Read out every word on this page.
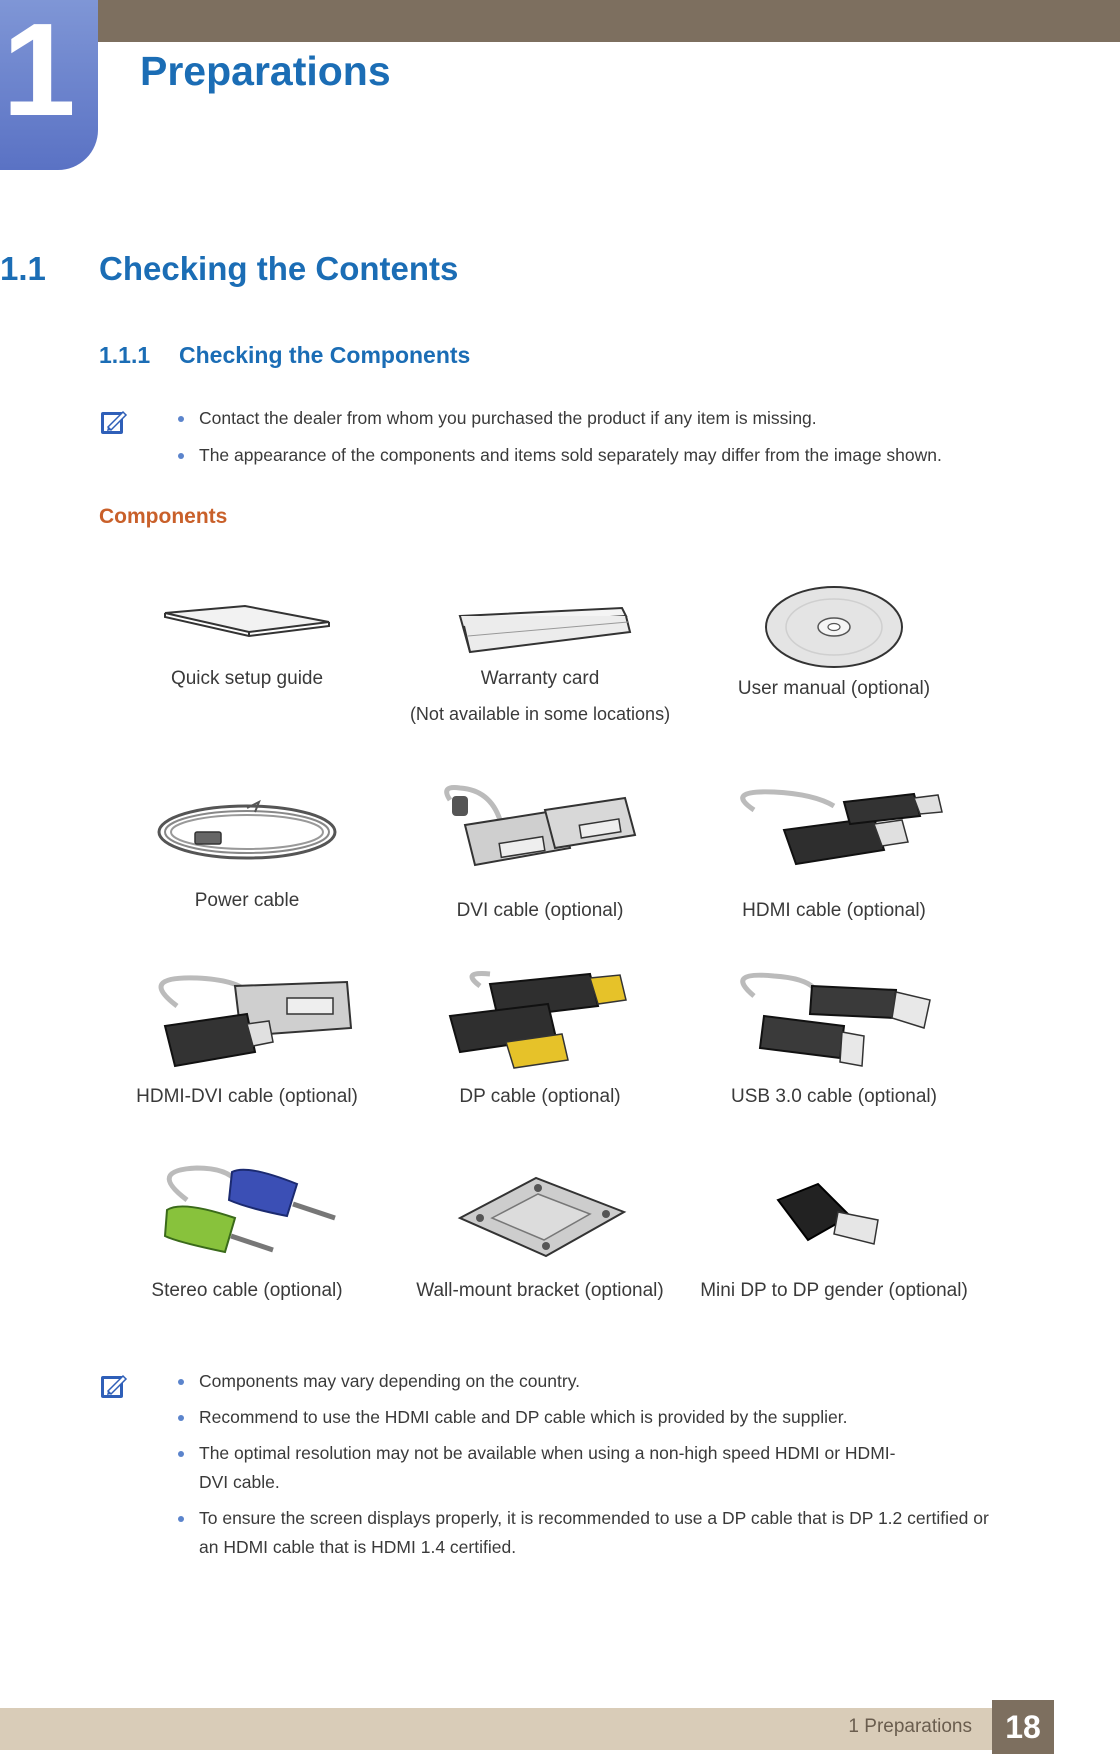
1 Preparations
1.1 Checking the Contents
1.1.1 Checking the Components
Contact the dealer from whom you purchased the product if any item is missing.
The appearance of the components and items sold separately may differ from the image shown.
Components
Quick setup guide	Warranty card
(Not available in some locations)
User manual (optional)
Power cable	DVI cable (optional)	HDMI cable (optional)
HDMI-DVI cable (optional)	DP cable (optional)	USB 3.0 cable (optional)
Stereo cable (optional)	Wall-mount bracket (optional)	Mini DP to DP gender (optional)
Components may vary depending on the country.
Recommend to use the HDMI cable and DP cable which is provided by the supplier.
The optimal resolution may not be available when using a non-high speed HDMI or HDMI-DVI cable.
To ensure the screen displays properly, it is recommended to use a DP cable that is DP 1.2 certified or an HDMI cable that is HDMI 1.4 certified.
1 Preparations	18
